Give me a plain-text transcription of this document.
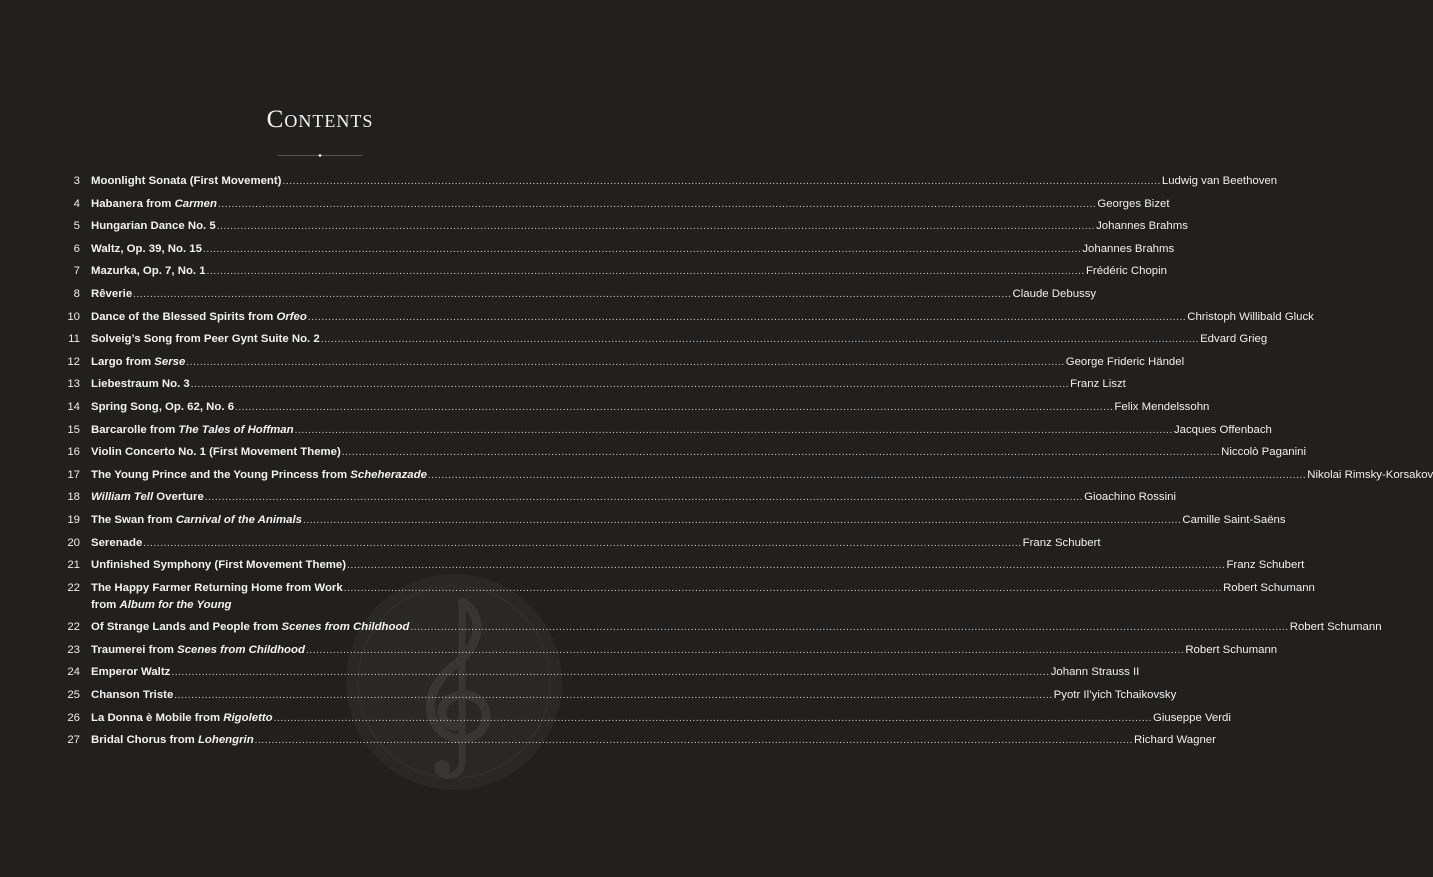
Contents
3 Moonlight Sonata (First Movement) .................................................................................................................................................................................................................................................................... Ludwig van Beethoven
4 Habanera from Carmen .................................................................................................................................................................................................................................................................... Georges Bizet
5 Hungarian Dance No. 5 .................................................................................................................................................................................................................................................................... Johannes Brahms
6 Waltz, Op. 39, No. 15 .................................................................................................................................................................................................................................................................... Johannes Brahms
7 Mazurka, Op. 7, No. 1 .................................................................................................................................................................................................................................................................... Frédéric Chopin
8 Rêverie .................................................................................................................................................................................................................................................................... Claude Debussy
10 Dance of the Blessed Spirits from Orfeo .................................................................................................................................................................................................................................................................... Christoph Willibald Gluck
11 Solveig’s Song from Peer Gynt Suite No. 2 .................................................................................................................................................................................................................................................................... Edvard Grieg
12 Largo from Serse .................................................................................................................................................................................................................................................................... George Frideric Händel
13 Liebestraum No. 3 .................................................................................................................................................................................................................................................................... Franz Liszt
14 Spring Song, Op. 62, No. 6 .................................................................................................................................................................................................................................................................... Felix Mendelssohn
15 Barcarolle from The Tales of Hoffman .................................................................................................................................................................................................................................................................... Jacques Offenbach
16 Violin Concerto No. 1 (First Movement Theme) .................................................................................................................................................................................................................................................................... Niccolò Paganini
17 The Young Prince and the Young Princess from Scheherazade .................................................................................................................................................................................................................................................................... Nikolai Rimsky-Korsakov
18 William Tell Overture .................................................................................................................................................................................................................................................................... Gioachino Rossini
19 The Swan from Carnival of the Animals .................................................................................................................................................................................................................................................................... Camille Saint-Saëns
20 Serenade .................................................................................................................................................................................................................................................................... Franz Schubert
21 Unfinished Symphony (First Movement Theme) .................................................................................................................................................................................................................................................................... Franz Schubert
22 The Happy Farmer Returning Home from Work
from Album for the Young
.................................................................................................................................................................................................................................................................... Robert Schumann
22 Of Strange Lands and People from Scenes from Childhood .................................................................................................................................................................................................................................................................... Robert Schumann
23 Traumerei from Scenes from Childhood .................................................................................................................................................................................................................................................................... Robert Schumann
24 Emperor Waltz .................................................................................................................................................................................................................................................................... Johann Strauss II
25 Chanson Triste .................................................................................................................................................................................................................................................................... Pyotr Il’yich Tchaikovsky
26 La Donna è Mobile from Rigoletto .................................................................................................................................................................................................................................................................... Giuseppe Verdi
27 Bridal Chorus from Lohengrin .................................................................................................................................................................................................................................................................... Richard Wagner
